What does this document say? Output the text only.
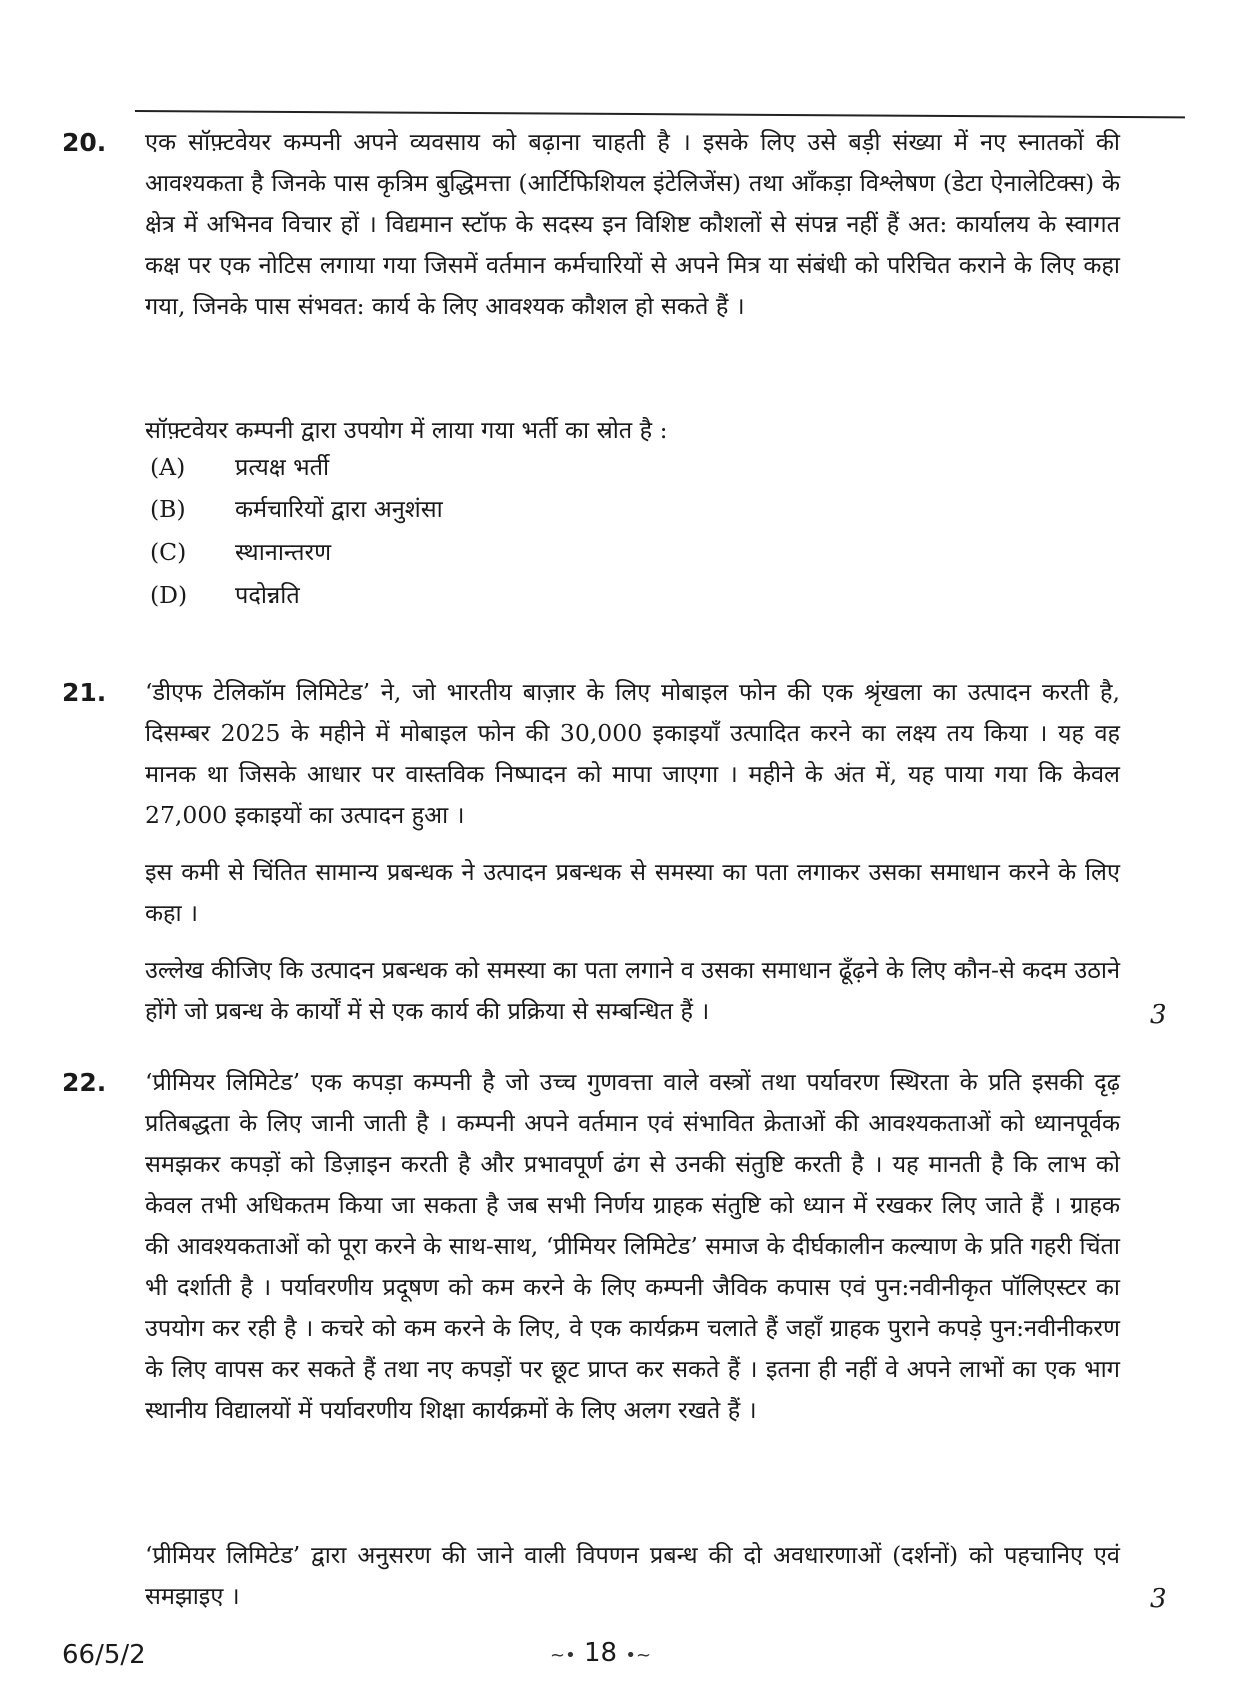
20. एक सॉफ़्टवेयर कम्पनी अपने व्यवसाय को बढ़ाना चाहती है । इसके लिए उसे बड़ी संख्या में नए स्नातकों की आवश्यकता है जिनके पास कृत्रिम बुद्धिमत्ता (आर्टिफिशियल इंटेलिजेंस) तथा आँकड़ा विश्लेषण (डेटा ऐनालेटिक्स) के क्षेत्र में अभिनव विचार हों । विद्यमान स्टॉफ के सदस्य इन विशिष्ट कौशलों से संपन्न नहीं हैं अत: कार्यालय के स्वागत कक्ष पर एक नोटिस लगाया गया जिसमें वर्तमान कर्मचारियों से अपने मित्र या संबंधी को परिचित कराने के लिए कहा गया, जिनके पास संभवत: कार्य के लिए आवश्यक कौशल हो सकते हैं ।
सॉफ़्टवेयर कम्पनी द्वारा उपयोग में लाया गया भर्ती का स्रोत है :
(A) प्रत्यक्ष भर्ती
(B) कर्मचारियों द्वारा अनुशंसा
(C) स्थानान्तरण
(D) पदोन्नति
21. ‘डीएफ टेलिकॉम लिमिटेड’ ने, जो भारतीय बाज़ार के लिए मोबाइल फोन की एक श्रृंखला का उत्पादन करती है, दिसम्बर 2025 के महीने में मोबाइल फोन की 30,000 इकाइयाँ उत्पादित करने का लक्ष्य तय किया । यह वह मानक था जिसके आधार पर वास्तविक निष्पादन को मापा जाएगा । महीने के अंत में, यह पाया गया कि केवल 27,000 इकाइयों का उत्पादन हुआ ।
इस कमी से चिंतित सामान्य प्रबन्धक ने उत्पादन प्रबन्धक से समस्या का पता लगाकर उसका समाधान करने के लिए कहा ।
उल्लेख कीजिए कि उत्पादन प्रबन्धक को समस्या का पता लगाने व उसका समाधान ढूँढ़ने के लिए कौन-से कदम उठाने होंगे जो प्रबन्ध के कार्यों में से एक कार्य की प्रक्रिया से सम्बन्धित हैं ।	3
22. ‘प्रीमियर लिमिटेड’ एक कपड़ा कम्पनी है जो उच्च गुणवत्ता वाले वस्त्रों तथा पर्यावरण स्थिरता के प्रति इसकी दृढ़ प्रतिबद्धता के लिए जानी जाती है । कम्पनी अपने वर्तमान एवं संभावित क्रेताओं की आवश्यकताओं को ध्यानपूर्वक समझकर कपड़ों को डिज़ाइन करती है और प्रभावपूर्ण ढंग से उनकी संतुष्टि करती है । यह मानती है कि लाभ को केवल तभी अधिकतम किया जा सकता है जब सभी निर्णय ग्राहक संतुष्टि को ध्यान में रखकर लिए जाते हैं । ग्राहक की आवश्यकताओं को पूरा करने के साथ-साथ, ‘प्रीमियर लिमिटेड’ समाज के दीर्घकालीन कल्याण के प्रति गहरी चिंता भी दर्शाती है । पर्यावरणीय प्रदूषण को कम करने के लिए कम्पनी जैविक कपास एवं पुन:नवीनीकृत पॉलिएस्टर का उपयोग कर रही है । कचरे को कम करने के लिए, वे एक कार्यक्रम चलाते हैं जहाँ ग्राहक पुराने कपड़े पुन:नवीनीकरण के लिए वापस कर सकते हैं तथा नए कपड़ों पर छूट प्राप्त कर सकते हैं । इतना ही नहीं वे अपने लाभों का एक भाग स्थानीय विद्यालयों में पर्यावरणीय शिक्षा कार्यक्रमों के लिए अलग रखते हैं ।
‘प्रीमियर लिमिटेड’ द्वारा अनुसरण की जाने वाली विपणन प्रबन्ध की दो अवधारणाओं (दर्शनों) को पहचानिए एवं समझाइए ।	3
66/5/2	~• 18 •~
